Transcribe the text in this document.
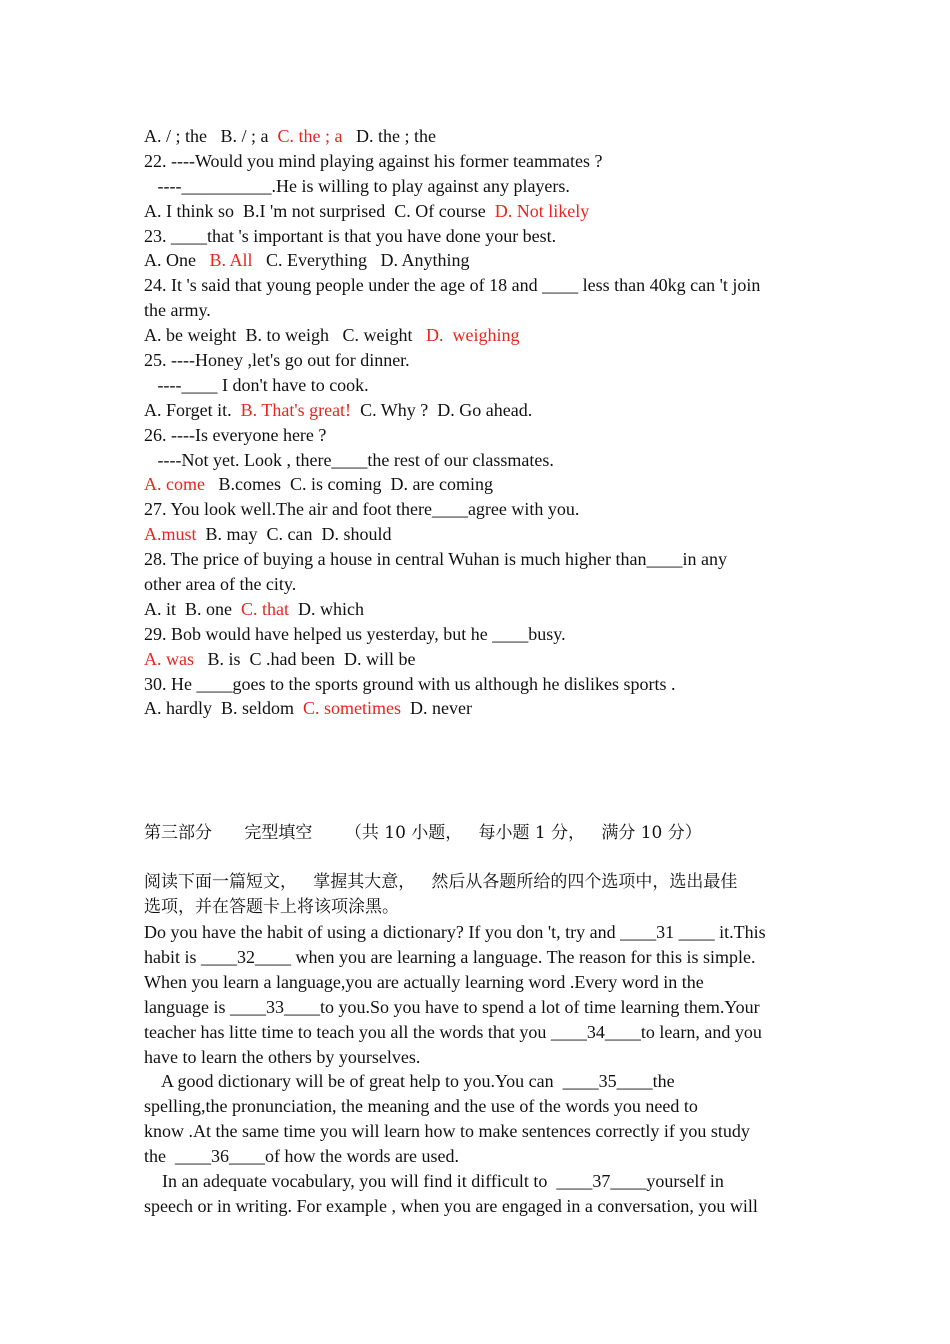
A. / ; the   B. / ; a  C. the ; a   D. the ; the
22. ----Would you mind playing against his former teammates ?
----__________.He is willing to play against any players.
A. I think so  B.I 'm not surprised  C. Of course  D. Not likely
23. ____that 's important is that you have done your best.
A. One   B. All   C. Everything   D. Anything
24. It 's said that young people under the age of 18 and ____ less than 40kg can 't join
the army.
A. be weight  B. to weigh   C. weight   D.  weighing
25. ----Honey ,let's go out for dinner.
----____ I don't have to cook.
A. Forget it.  B. That's great!  C. Why ?  D. Go ahead.
26. ----Is everyone here ?
----Not yet. Look , there____the rest of our classmates.
A. come   B.comes  C. is coming  D. are coming
27. You look well.The air and foot there____agree with you.
A.must  B. may  C. can  D. should
28. The price of buying a house in central Wuhan is much higher than____in any
other area of the city.
A. it  B. one  C. that  D. which
29. Bob would have helped us yesterday, but he ____busy.
A. was   B. is  C .had been  D. will be
30. He ____goes to the sports ground with us although he dislikes sports .
A. hardly  B. seldom  C. sometimes  D. never
第三部分      完型填空      （共 10 小题，   每小题 1 分，   满分 10 分）
阅读下面一篇短文，   掌握其大意，   然后从各题所给的四个选项中，选出最佳
选项，并在答题卡上将该项涂黑。
Do you have the habit of using a dictionary? If you don 't, try and ____31 ____ it.This
habit is ____32____ when you are learning a language. The reason for this is simple.
When you learn a language,you are actually learning word .Every word in the
language is ____33____to you.So you have to spend a lot of time learning them.Your
teacher has litte time to teach you all the words that you ____34____to learn, and you
have to learn the others by yourselves.
A good dictionary will be of great help to you.You can  ____35____the
spelling,the pronunciation, the meaning and the use of the words you need to
know .At the same time you will learn how to make sentences correctly if you study
the  ____36____of how the words are used.
In an adequate vocabulary, you will find it difficult to  ____37____yourself in
speech or in writing. For example , when you are engaged in a conversation, you will
